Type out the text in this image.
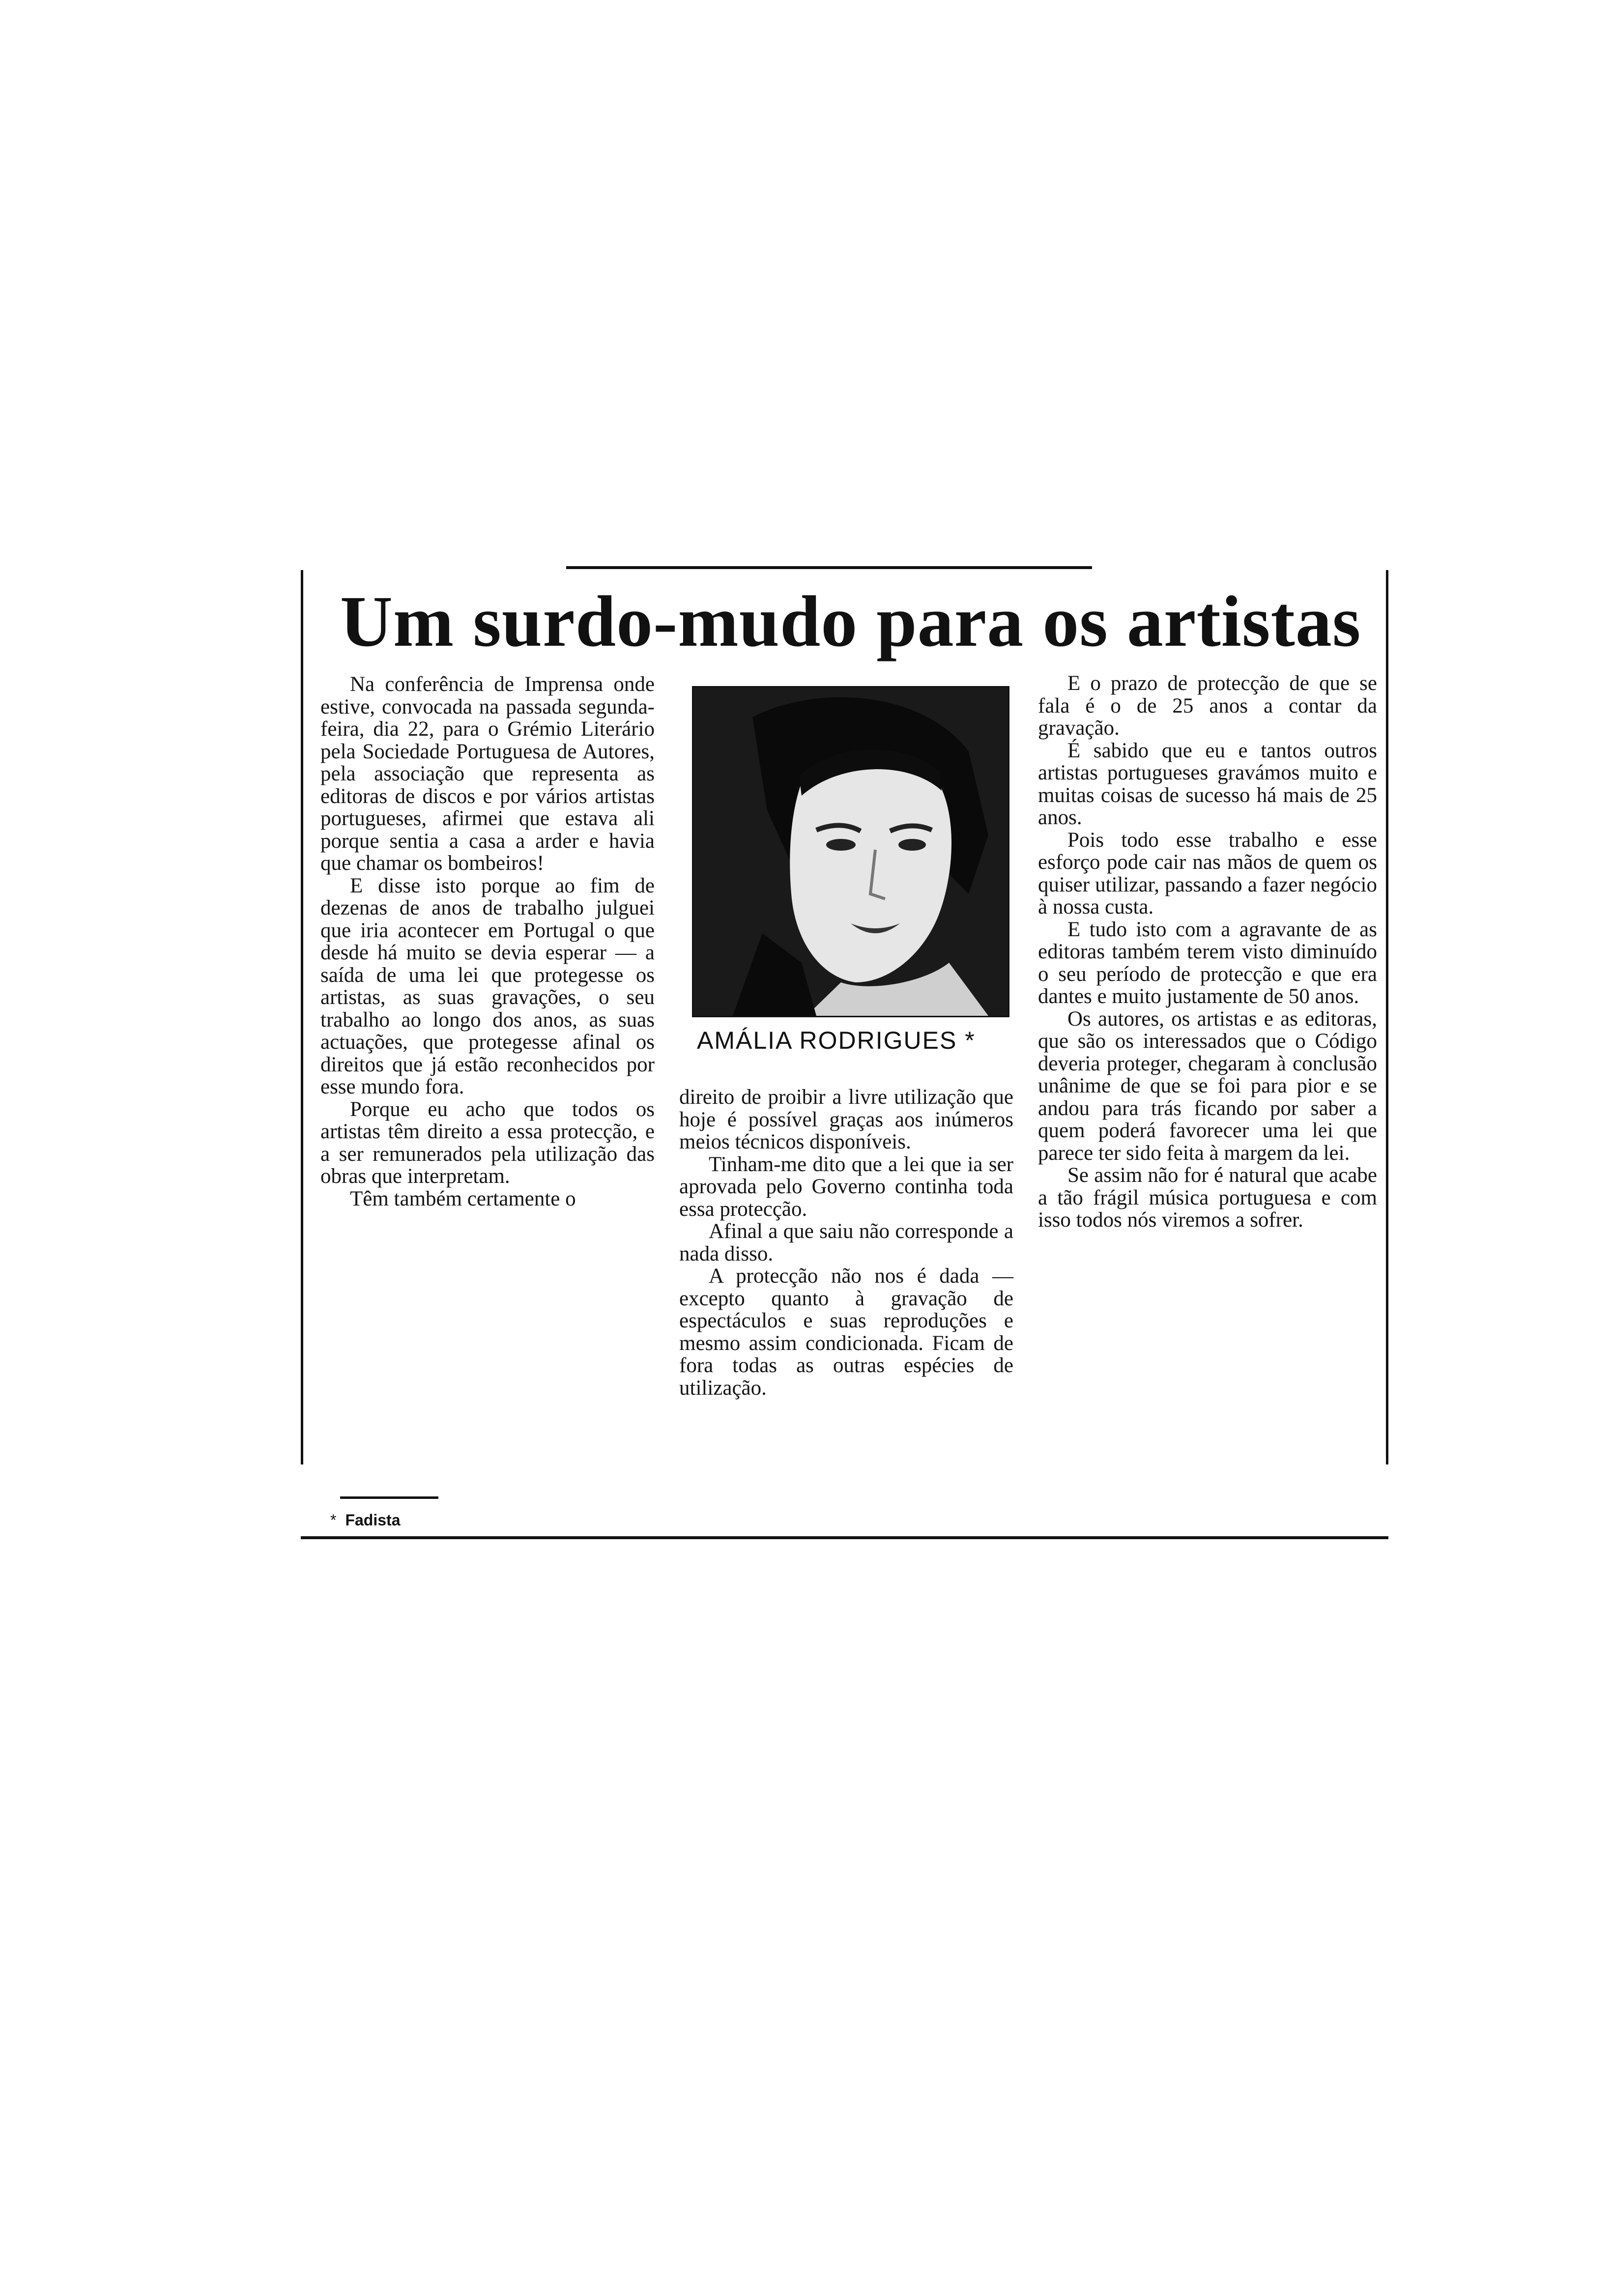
Um surdo-mudo para os artistas

Na conferência de Imprensa onde estive, convocada na passada segunda-feira, dia 22, para o Grémio Literário pela Sociedade Portuguesa de Autores, pela associação que representa as editoras de discos e por vários artistas portugueses, afirmei que estava ali porque sentia a casa a arder e havia que chamar os bombeiros!

E disse isto porque ao fim de dezenas de anos de trabalho julguei que iria acontecer em Portugal o que desde há muito se devia esperar — a saída de uma lei que protegesse os artistas, as suas gravações, o seu trabalho ao longo dos anos, as suas actuações, que protegesse afinal os direitos que já estão reconhecidos por esse mundo fora.

Porque eu acho que todos os artistas têm direito a essa protecção, e a ser remunerados pela utilização das obras que interpretam.

Têm também certamente o

AMÁLIA RODRIGUES *

direito de proibir a livre utilização que hoje é possível graças aos inúmeros meios técnicos disponíveis.

Tinham-me dito que a lei que ia ser aprovada pelo Governo continha toda essa protecção.

Afinal a que saiu não corresponde a nada disso.

A protecção não nos é dada — excepto quanto à gravação de espectáculos e suas reproduções e mesmo assim condicionada. Ficam de fora todas as outras espécies de utilização.

E o prazo de protecção de que se fala é o de 25 anos a contar da gravação.

É sabido que eu e tantos outros artistas portugueses gravámos muito e muitas coisas de sucesso há mais de 25 anos.

Pois todo esse trabalho e esse esforço pode cair nas mãos de quem os quiser utilizar, passando a fazer negócio à nossa custa.

E tudo isto com a agravante de as editoras também terem visto diminuído o seu período de protecção e que era dantes e muito justamente de 50 anos.

Os autores, os artistas e as editoras, que são os interessados que o Código deveria proteger, chegaram à conclusão unânime de que se foi para pior e se andou para trás ficando por saber a quem poderá favorecer uma lei que parece ter sido feita à margem da lei.

Se assim não for é natural que acabe a tão frágil música portuguesa e com isso todos nós viremos a sofrer.

* Fadista
